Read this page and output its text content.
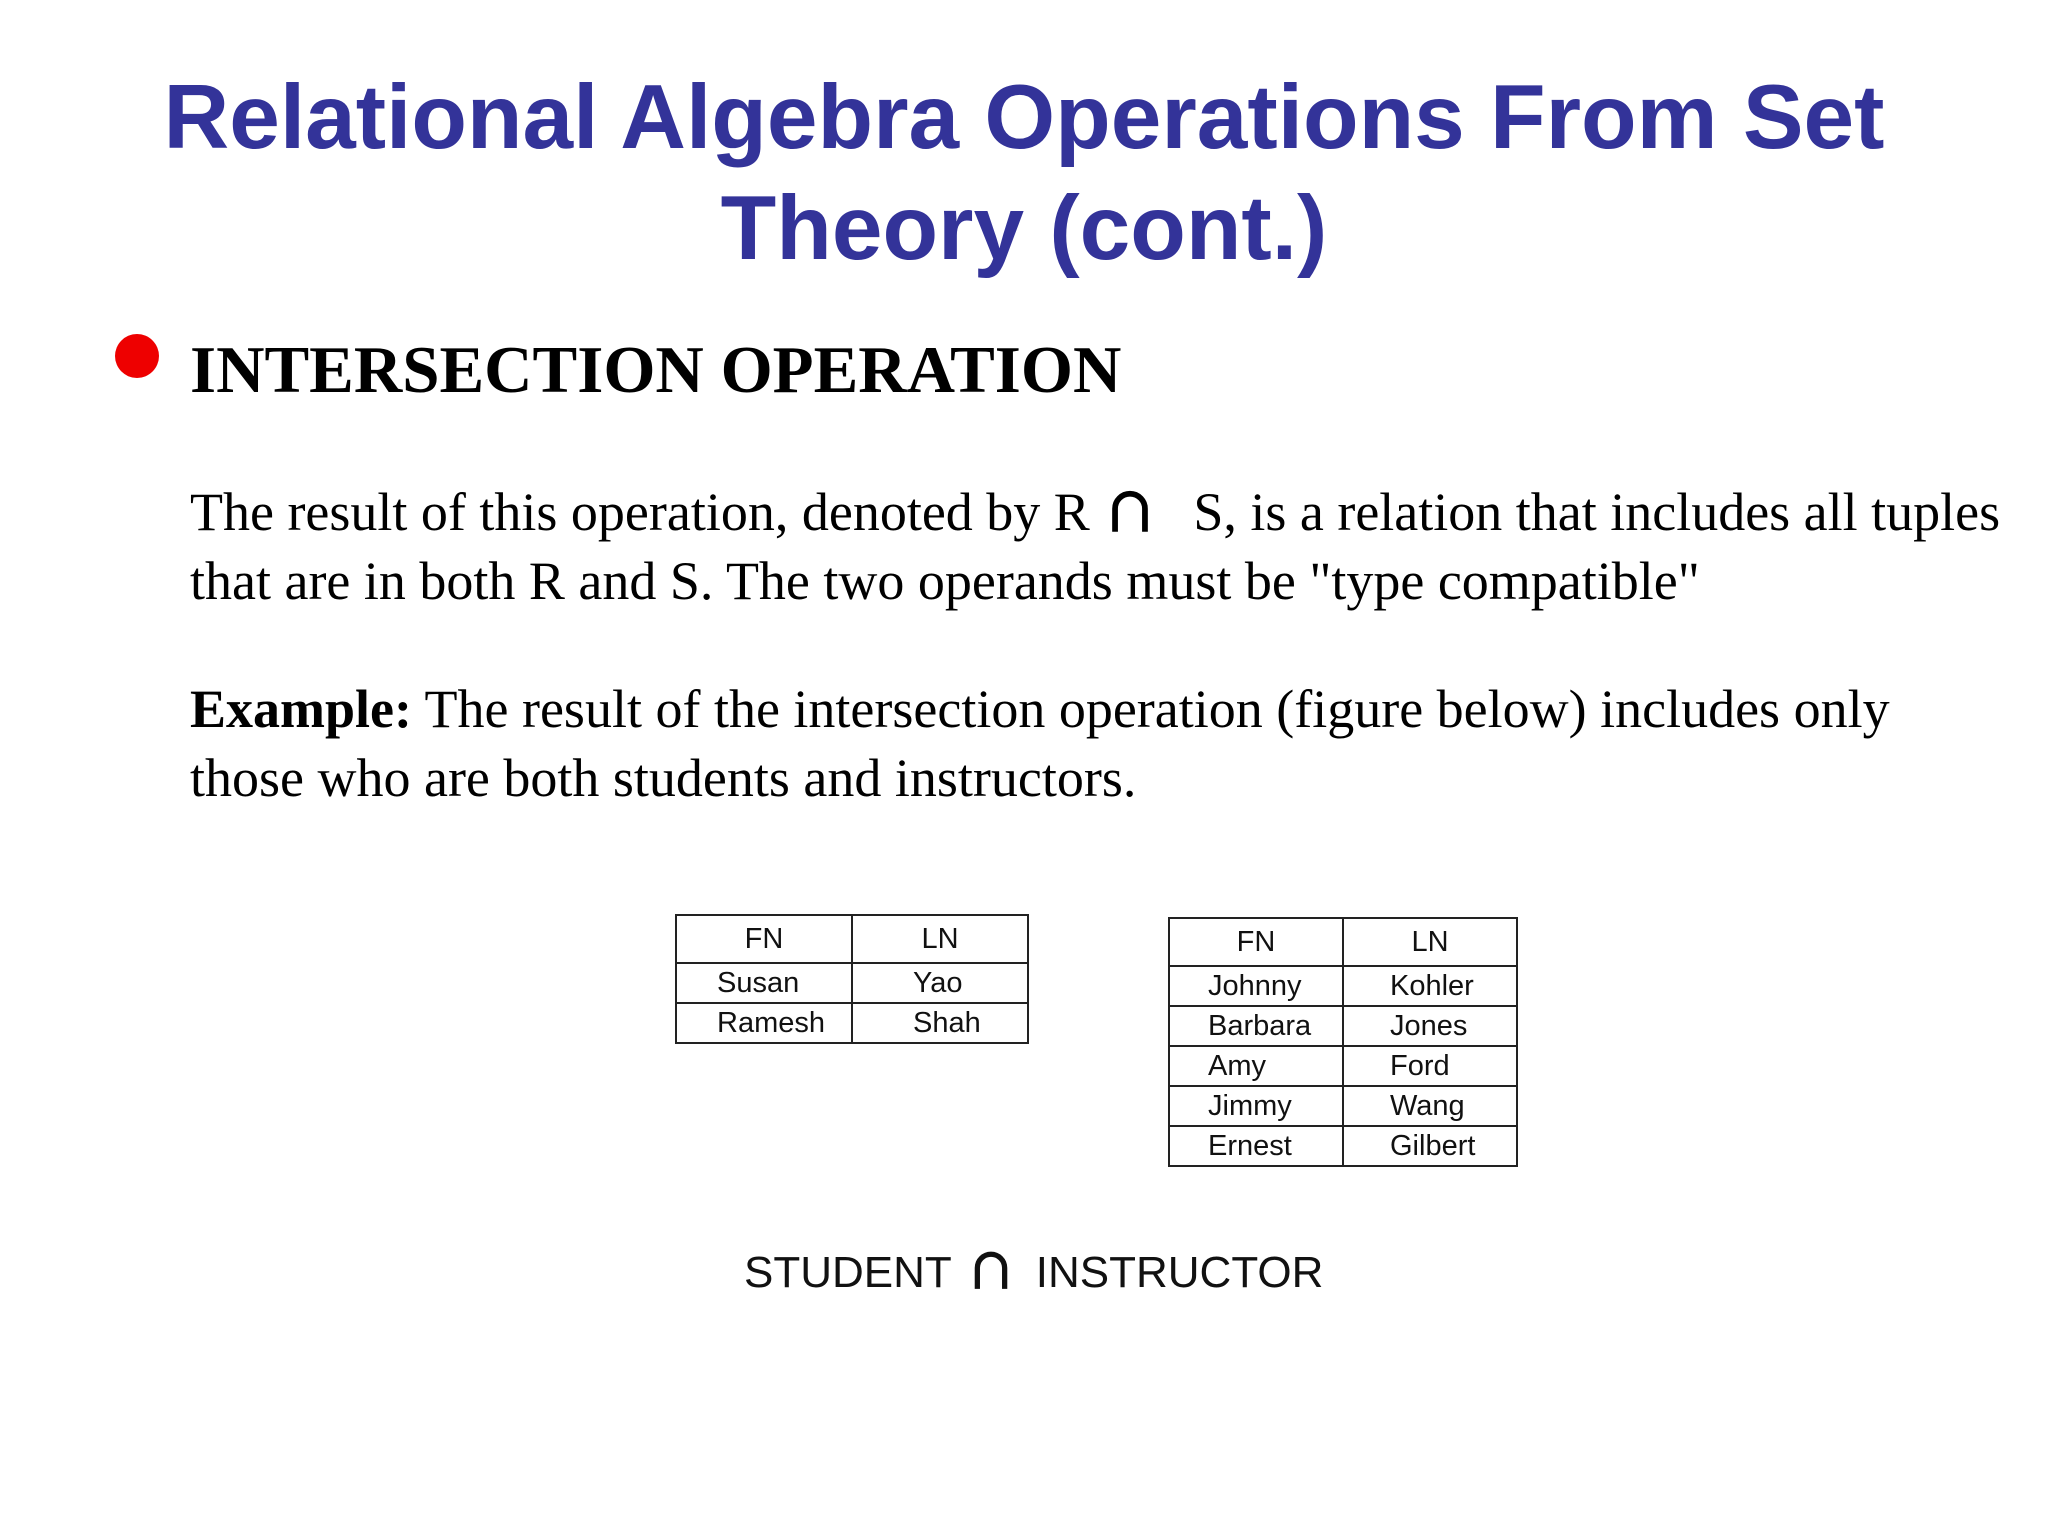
Relational Algebra Operations From Set
Theory (cont.)
INTERSECTION OPERATION

The result of this operation, denoted by R S, is a relation that includes all tuples that are in both R and S. The two operands must be "type compatible"

Example: The result of the intersection operation (figure below) includes only those who are both students and instructors.

FN	LN
Susan	Yao
Ramesh	Shah
FN	LN
Johnny	Kohler
Barbara	Jones
Amy	Ford
Jimmy	Wang
Ernest	Gilbert

STUDENT INSTRUCTOR
